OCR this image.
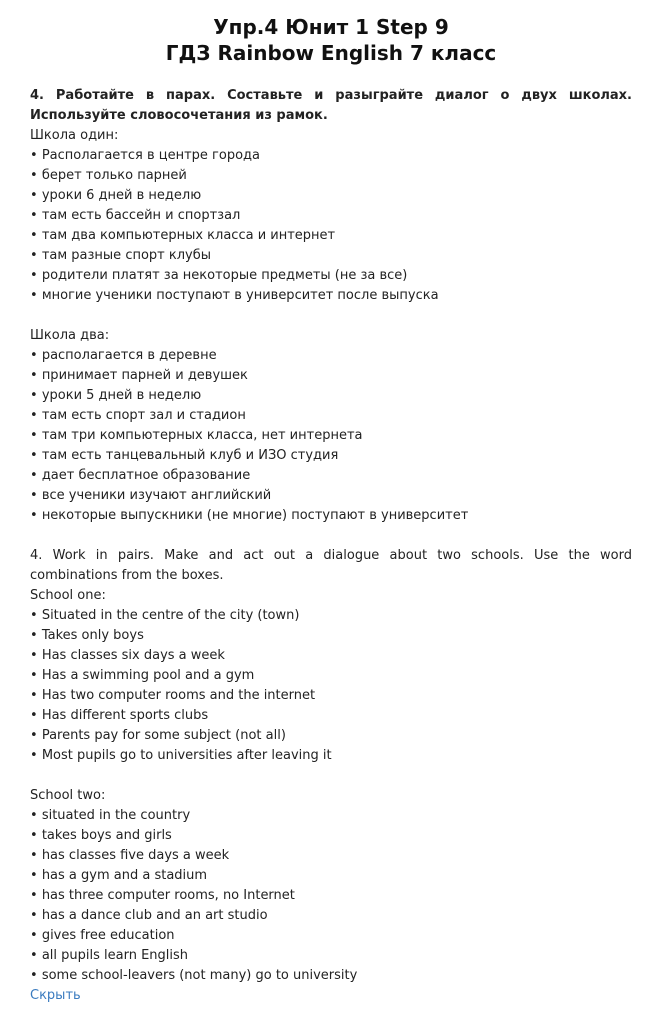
Упр.4 Юнит 1 Step 9
ГДЗ Rainbow English 7 класс
4. Работайте в парах. Составьте и разыграйте диалог о двух школах. Используйте словосочетания из рамок.
Школа один:
• Располагается в центре города
• берет только парней
• уроки 6 дней в неделю
• там есть бассейн и спортзал
• там два компьютерных класса и интернет
• там разные спорт клубы
• родители платят за некоторые предметы (не за все)
• многие ученики поступают в университет после выпуска
Школа два:
• располагается в деревне
• принимает парней и девушек
• уроки 5 дней в неделю
• там есть спорт зал и стадион
• там три компьютерных класса, нет интернета
• там есть танцевальный клуб и ИЗО студия
• дает бесплатное образование
• все ученики изучают английский
• некоторые выпускники (не многие) поступают в университет
4. Work in pairs. Make and act out a dialogue about two schools. Use the word combinations from the boxes.
School one:
• Situated in the centre of the city (town)
• Takes only boys
• Has classes six days a week
• Has a swimming pool and a gym
• Has two computer rooms and the internet
• Has different sports clubs
• Parents pay for some subject (not all)
• Most pupils go to universities after leaving it
School two:
• situated in the country
• takes boys and girls
• has classes five days a week
• has a gym and a stadium
• has three computer rooms, no Internet
• has a dance club and an art studio
• gives free education
• all pupils learn English
• some school-leavers (not many) go to university
Скрыть
